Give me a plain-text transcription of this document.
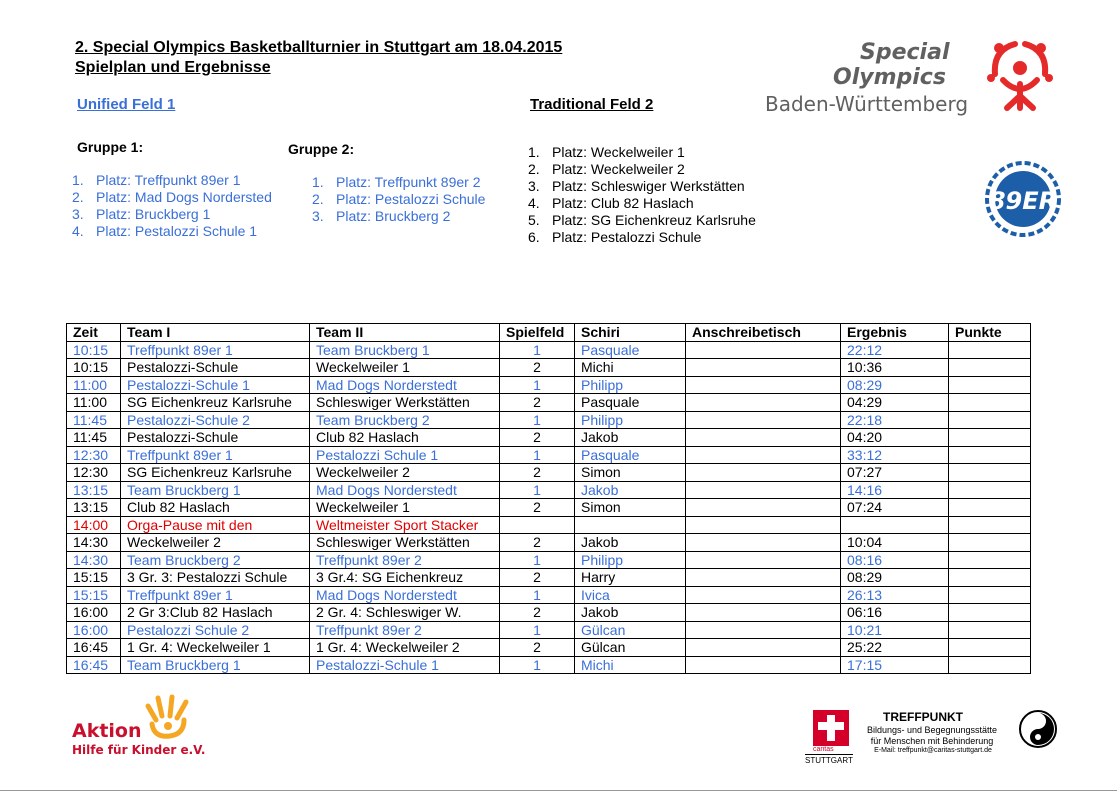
2. Special Olympics Basketballturnier in Stuttgart am 18.04.2015
Spielplan und Ergebnisse
Unified Feld 1	Traditional Feld 2
Gruppe 1:	Gruppe 2:
1. Platz: Treffpunkt 89er 1
2. Platz: Mad Dogs Nordersted
3. Platz: Bruckberg 1
4. Platz: Pestalozzi Schule 1
1. Platz: Treffpunkt 89er 2
2. Platz: Pestalozzi Schule
3. Platz: Bruckberg 2
1. Platz: Weckelweiler 1
2. Platz: Weckelweiler 2
3. Platz: Schleswiger Werkstätten
4. Platz: Club 82 Haslach
5. Platz: SG Eichenkreuz Karlsruhe
6. Platz: Pestalozzi Schule
Special
Olympics
Baden-Württemberg
89ER
Zeit	Team I	Team II	Spielfeld	Schiri	Anschreibetisch	Ergebnis	Punkte
10:15	Treffpunkt 89er 1	Team Bruckberg 1	1	Pasquale		22:12	
10:15	Pestalozzi-Schule	Weckelweiler 1	2	Michi		10:36	
11:00	Pestalozzi-Schule 1	Mad Dogs Norderstedt	1	Philipp		08:29	
11:00	SG Eichenkreuz Karlsruhe	Schleswiger Werkstätten	2	Pasquale		04:29	
11:45	Pestalozzi-Schule 2	Team Bruckberg 2	1	Philipp		22:18	
11:45	Pestalozzi-Schule	Club 82 Haslach	2	Jakob		04:20	
12:30	Treffpunkt 89er 1	Pestalozzi Schule 1	1	Pasquale		33:12	
12:30	SG Eichenkreuz Karlsruhe	Weckelweiler 2	2	Simon		07:27	
13:15	Team Bruckberg 1	Mad Dogs Norderstedt	1	Jakob		14:16	
13:15	Club 82 Haslach	Weckelweiler 1	2	Simon		07:24	
14:00	Orga-Pause mit den	Weltmeister Sport Stacker					
14:30	Weckelweiler 2	Schleswiger Werkstätten	2	Jakob		10:04	
14:30	Team Bruckberg 2	Treffpunkt 89er 2	1	Philipp		08:16	
15:15	3 Gr. 3: Pestalozzi Schule	3 Gr.4: SG Eichenkreuz	2	Harry		08:29	
15:15	Treffpunkt 89er 1	Mad Dogs Norderstedt	1	Ivica		26:13	
16:00	2 Gr 3:Club 82 Haslach	2 Gr. 4: Schleswiger W.	2	Jakob		06:16	
16:00	Pestalozzi Schule 2	Treffpunkt 89er 2	1	Gülcan		10:21	
16:45	1 Gr. 4: Weckelweiler 1	1 Gr. 4: Weckelweiler 2	2	Gülcan		25:22	
16:45	Team Bruckberg 1	Pestalozzi-Schule 1	1	Michi		17:15	
Aktion
Hilfe für Kinder e.V.	caritas
STUTTGART
TREFFPUNKT
Bildungs- und Begegnungsstätte
für Menschen mit Behinderung
E-Mail: treffpunkt@caritas-stuttgart.de
